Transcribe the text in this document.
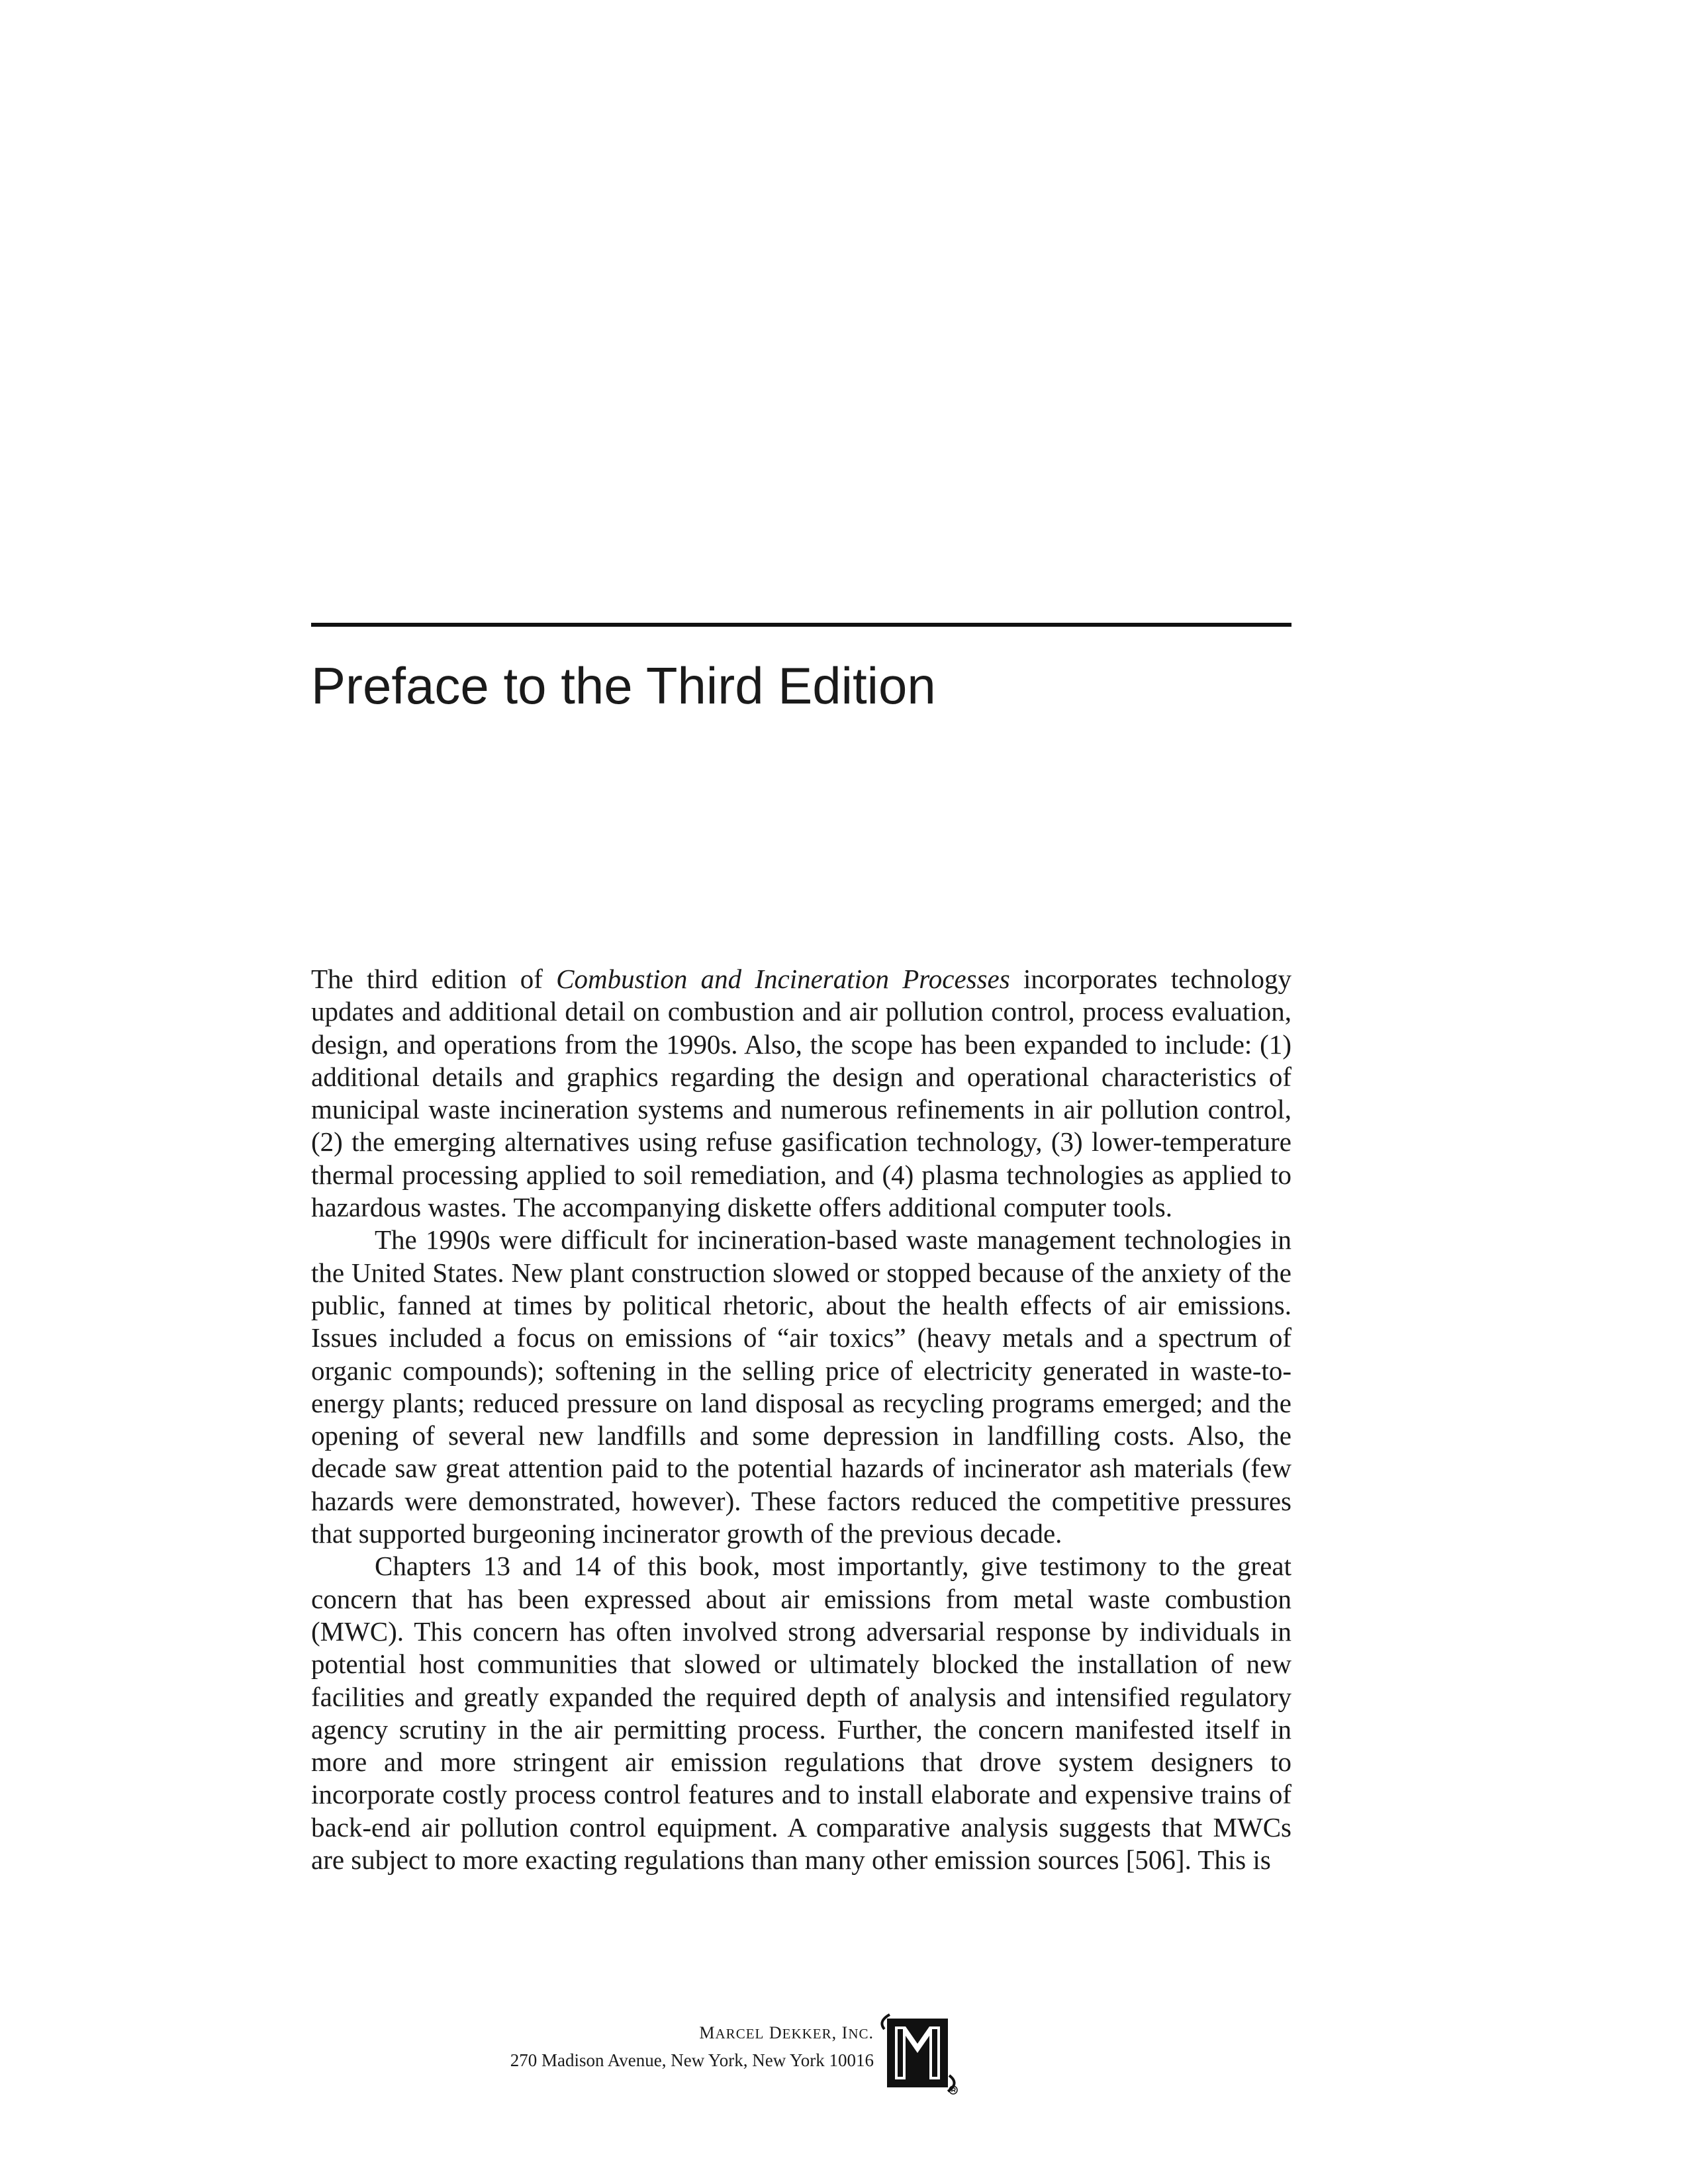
Preface to the Third Edition

The third edition of Combustion and Incineration Processes incorporates technology updates and additional detail on combustion and air pollution control, process evaluation, design, and operations from the 1990s. Also, the scope has been expanded to include: (1) additional details and graphics regarding the design and operational characteristics of municipal waste incineration systems and numerous refinements in air pollution control, (2) the emerging alternatives using refuse gasification technology, (3) lower-temperature thermal processing applied to soil remediation, and (4) plasma technologies as applied to hazardous wastes. The accompanying diskette offers additional computer tools.

The 1990s were difficult for incineration-based waste management technologies in the United States. New plant construction slowed or stopped because of the anxiety of the public, fanned at times by political rhetoric, about the health effects of air emissions. Issues included a focus on emissions of “air toxics” (heavy metals and a spectrum of organic compounds); softening in the selling price of electricity generated in waste-to-energy plants; reduced pressure on land disposal as recycling programs emerged; and the opening of several new landfills and some depression in landfilling costs. Also, the decade saw great attention paid to the potential hazards of incinerator ash materials (few hazards were demonstrated, however). These factors reduced the competitive pressures that supported burgeoning incinerator growth of the previous decade.

Chapters 13 and 14 of this book, most importantly, give testimony to the great concern that has been expressed about air emissions from metal waste combustion (MWC). This concern has often involved strong adversarial response by individuals in potential host communities that slowed or ultimately blocked the installation of new facilities and greatly expanded the required depth of analysis and intensified regulatory agency scrutiny in the air permitting process. Further, the concern manifested itself in more and more stringent air emission regulations that drove system designers to incorporate costly process control features and to install elaborate and expensive trains of back-end air pollution control equipment. A comparative analysis suggests that MWCs are subject to more exacting regulations than many other emission sources [506]. This is

MARCEL DEKKER, INC.
270 Madison Avenue, New York, New York 10016
